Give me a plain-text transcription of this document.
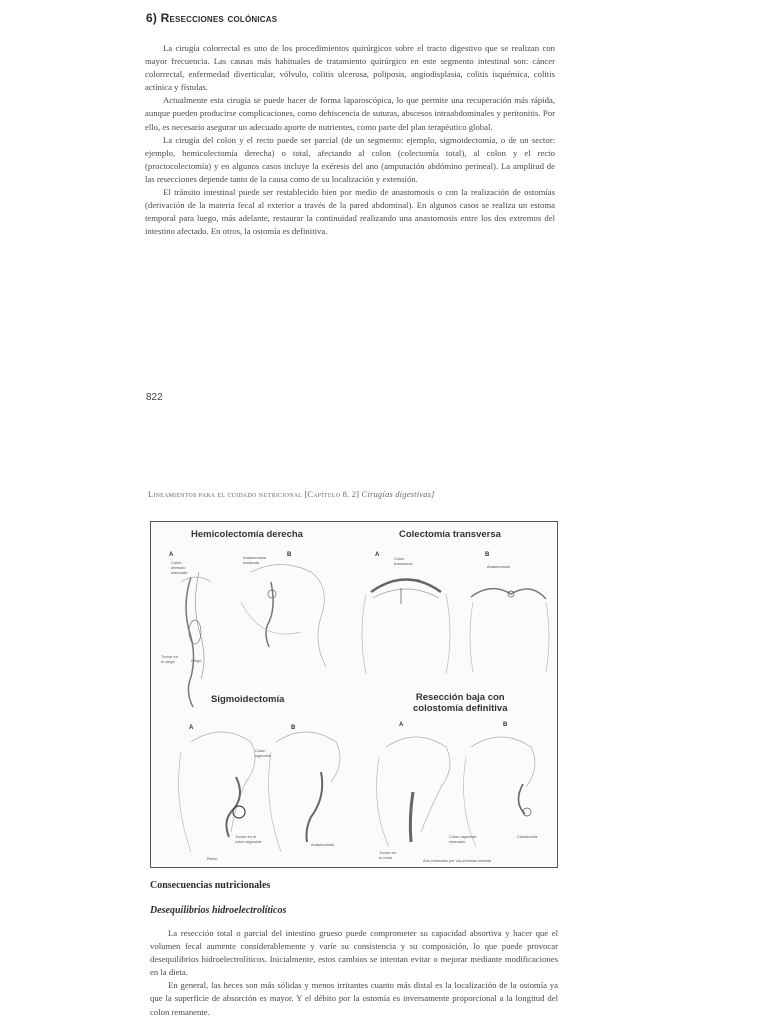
6) Resecciones colónicas

La cirugía colorrectal es uno de los procedimientos quirúrgicos sobre el tracto digestivo que se realizan con mayor frecuencia. Las causas más habituales de tratamiento quirúrgico en este segmento intestinal son: cáncer colorrectal, enfermedad diverticular, vólvulo, colitis ulcerosa, poliposis, angiodisplasia, colitis isquémica, colitis actínica y fístulas.

Actualmente esta cirugía se puede hacer de forma laparoscópica, lo que permite una recuperación más rápida, aunque pueden producirse complicaciones, como dehiscencia de suturas, abscesos intraabdominales y peritonitis. Por ello, es necesario asegurar un adecuado aporte de nutrientes, como parte del plan terapéutico global.

La cirugía del colon y el recto puede ser parcial (de un segmento: ejemplo, sigmoidectomía, o de un sector: ejemplo, hemicolectomía derecha) o total, afectando al colon (colectomía total), al colon y el recto (proctocolectomía) y en algunos casos incluye la exéresis del ano (amputación abdómino perineal). La amplitud de las resecciones depende tanto de la causa como de su localización y extensión.

El tránsito intestinal puede ser restablecido bien por medio de anastomosis o con la realización de ostomías (derivación de la materia fecal al exterior a través de la pared abdominal). En algunos casos se realiza un estoma temporal para luego, más adelante, restaurar la continuidad realizando una anastomosis entre los dos extremos del intestino afectado. En otros, la ostomía es definitiva.

822
Lineamientos para el cuidado nutricional [Capítulo 8. 2] Cirugías digestivas]
Hemicolectomía derecha
A	B
Colon
derecho
resecado
Anastomosis
realizada
Tumor en
el ciego	Ciego
Colectomía transversa
A	B
Colon
transverso
Tumor
Anastomosis
Sigmoidectomía
A	B
Colon
sigmoide
Tumor en el
colon sigmoide
Anastomosis
Recto
Resección baja con
colostomía definitiva
A	B
Colon sigmoide
resecado
Colostomía
Tumor en
el recto
Ano resecado por vía perineal cerrada
Consecuencias nutricionales
Desequilibrios hidroelectrolíticos

La resección total o parcial del intestino grueso puede comprometer su capacidad absortiva y hacer que el volumen fecal aumente considerablemente y varíe su consistencia y su composición, lo que puede provocar desequilibrios hidroelectrolíticos. Inicialmente, estos cambios se intentan evitar o mejorar mediante modificaciones en la dieta.

En general, las heces son más sólidas y menos irritantes cuanto más distal es la localización de la ostomía ya que la superficie de absorción es mayor. Y el débito por la ostomía es inversamente proporcional a la longitud del colon remanente.
